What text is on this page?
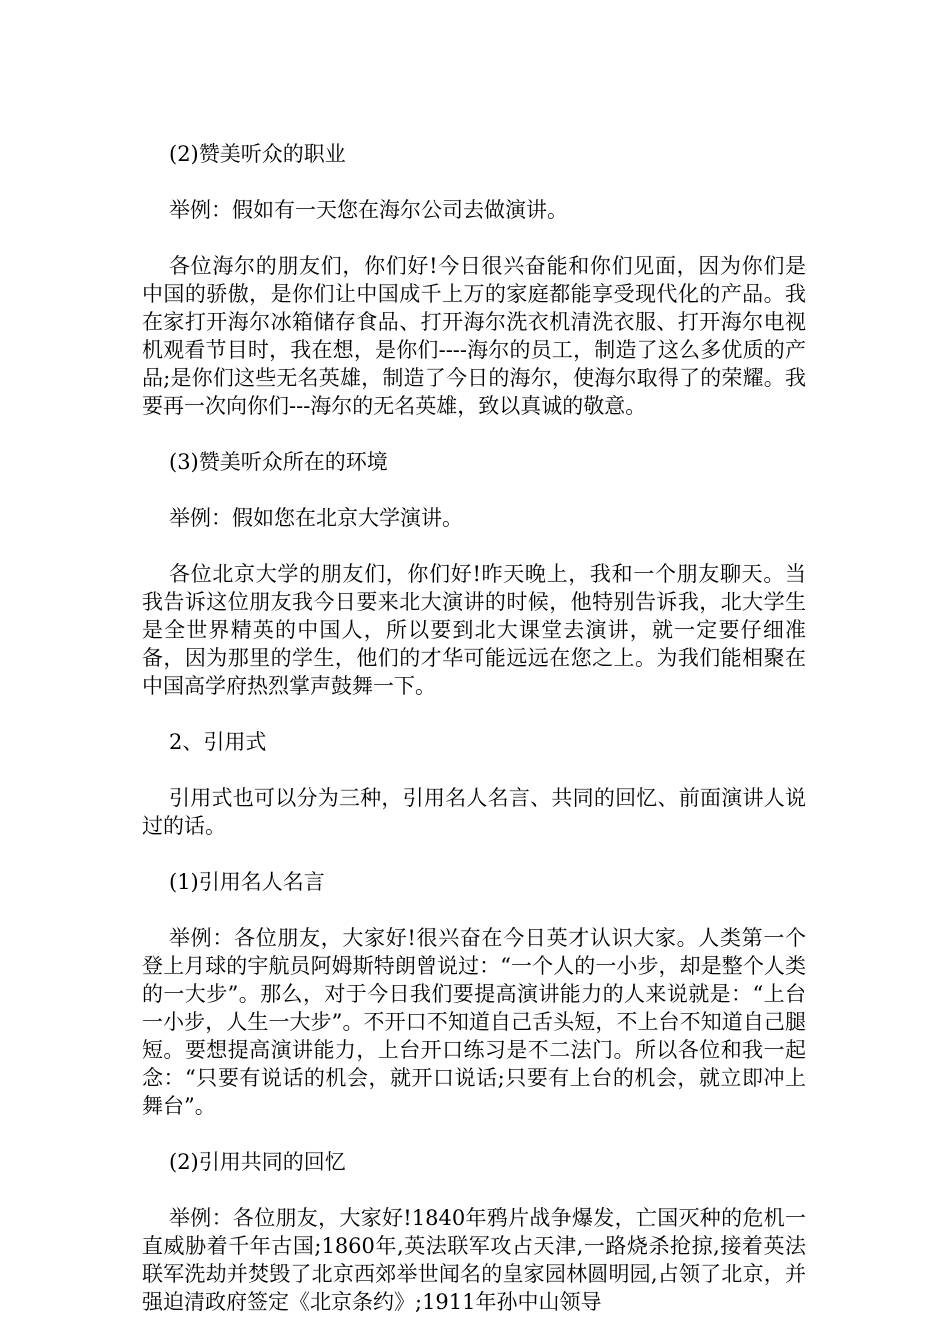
(2)赞美听众的职业

举例：假如有一天您在海尔公司去做演讲。

各位海尔的朋友们，你们好!今日很兴奋能和你们见面，因为你们是中国的骄傲，是你们让中国成千上万的家庭都能享受现代化的产品。我在家打开海尔冰箱储存食品、打开海尔洗衣机清洗衣服、打开海尔电视机观看节目时，我在想，是你们----海尔的员工，制造了这么多优质的产品;是你们这些无名英雄，制造了今日的海尔，使海尔取得了的荣耀。我要再一次向你们---海尔的无名英雄，致以真诚的敬意。

(3)赞美听众所在的环境

举例：假如您在北京大学演讲。

各位北京大学的朋友们，你们好!昨天晚上，我和一个朋友聊天。当我告诉这位朋友我今日要来北大演讲的时候，他特别告诉我，北大学生是全世界精英的中国人，所以要到北大课堂去演讲，就一定要仔细准备，因为那里的学生，他们的才华可能远远在您之上。为我们能相聚在中国高学府热烈掌声鼓舞一下。

2、引用式

引用式也可以分为三种，引用名人名言、共同的回忆、前面演讲人说过的话。

(1)引用名人名言

举例：各位朋友，大家好!很兴奋在今日英才认识大家。人类第一个登上月球的宇航员阿姆斯特朗曾说过：“一个人的一小步，却是整个人类的一大步”。那么，对于今日我们要提高演讲能力的人来说就是：“上台一小步，人生一大步”。不开口不知道自己舌头短，不上台不知道自己腿短。要想提高演讲能力，上台开口练习是不二法门。所以各位和我一起念：“只要有说话的机会，就开口说话;只要有上台的机会，就立即冲上舞台”。

(2)引用共同的回忆

举例：各位朋友，大家好!1840年鸦片战争爆发，亡国灭种的危机一直威胁着千年古国;1860年,英法联军攻占天津,一路烧杀抢掠,接着英法联军洗劫并焚毁了北京西郊举世闻名的皇家园林圆明园,占领了北京，并强迫清政府签定《北京条约》;1911年孙中山领导
